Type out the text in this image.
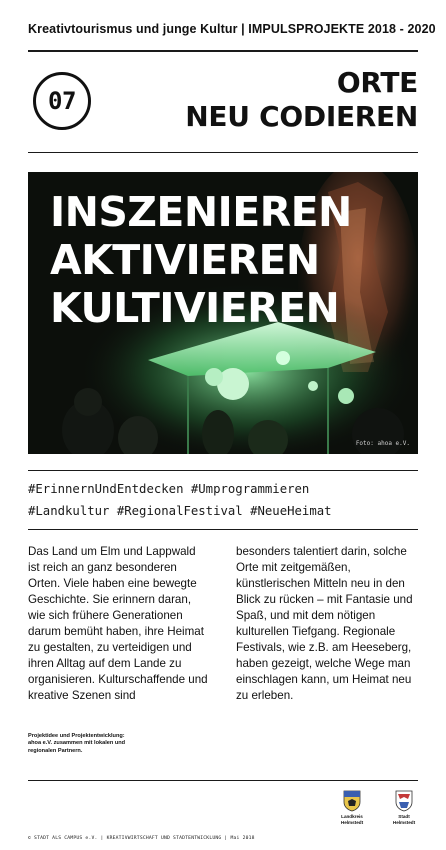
Kreativtourismus und junge Kultur | IMPULSPROJEKTE 2018 - 2020
07
ORTE
NEU CODIEREN
INSZENIEREN
AKTIVIEREN
KULTIVIEREN
Foto: ahoa e.V.
#ErinnernUndEntdecken #Umprogrammieren
#Landkultur #RegionalFestival #NeueHeimat
Das Land um Elm und Lappwald ist reich an ganz besonderen Orten. Viele haben eine bewegte Geschichte. Sie erinnern daran, wie sich frühere Generationen darum bemüht haben, ihre Heimat zu gestalten, zu verteidigen und ihren Alltag auf dem Lande zu organisieren. Kulturschaffende und kreative Szenen sind
besonders talentiert darin, solche Orte mit zeitgemäßen, künstlerischen Mitteln neu in den Blick zu rücken – mit Fantasie und Spaß, und mit dem nötigen kulturellen Tiefgang. Regionale Festivals, wie z.B. am Heeseberg, haben gezeigt, welche Wege man einschlagen kann, um Heimat neu zu erleben.
Projektidee und Projektentwicklung: ahoa e.V. zusammen mit lokalen und regionalen Partnern.
Landkreis Helmstedt
Stadt Helmstedt
© STADT ALS CAMPUS e.V. | KREATIVWIRTSCHAFT UND STADTENTWICKLUNG | Mai 2018
